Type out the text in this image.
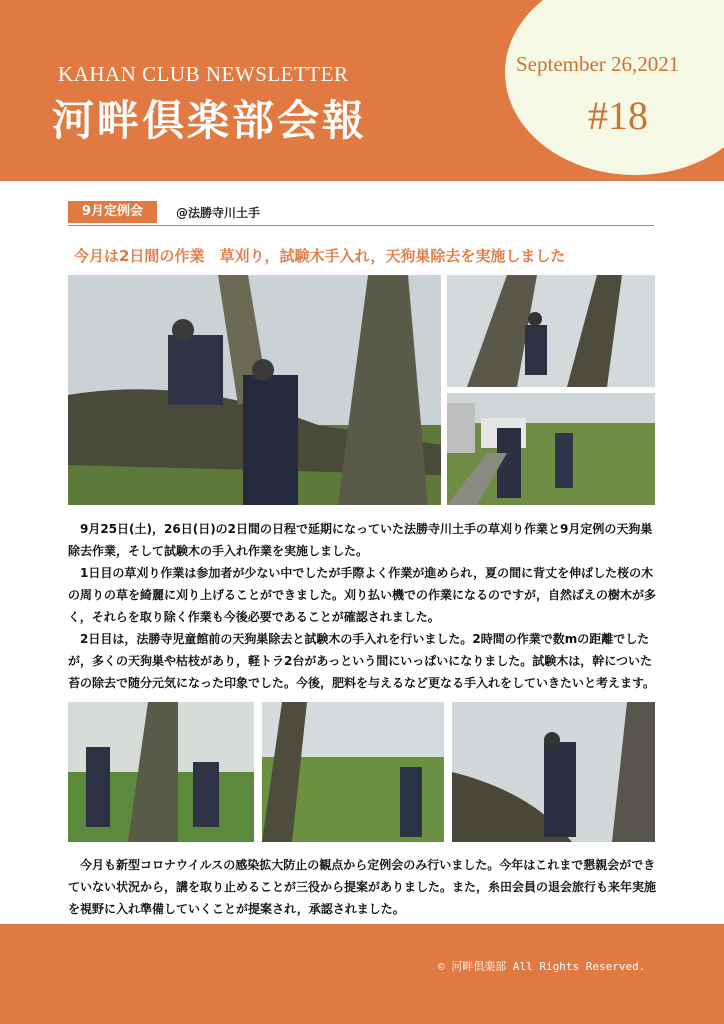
KAHAN CLUB NEWSLETTER
河畔倶楽部会報
September 26,2021
#18
9月定例会	@法勝寺川土手
今月は2日間の作業　草刈り，試験木手入れ，天狗巣除去を実施しました

9月25日(土)，26日(日)の2日間の日程で延期になっていた法勝寺川土手の草刈り作業と9月定例の天狗巣除去作業，そして試験木の手入れ作業を実施しました。

1日目の草刈り作業は参加者が少ない中でしたが手際よく作業が進められ，夏の間に背丈を伸ばした桜の木の周りの草を綺麗に刈り上げることができました。刈り払い機での作業になるのですが，自然ばえの樹木が多く，それらを取り除く作業も今後必要であることが確認されました。

2日目は，法勝寺児童館前の天狗巣除去と試験木の手入れを行いました。2時間の作業で数mの距離でしたが，多くの天狗巣や枯枝があり，軽トラ2台があっという間にいっぱいになりました。試験木は，幹についた苔の除去で随分元気になった印象でした。今後，肥料を与えるなど更なる手入れをしていきたいと考えます。

今月も新型コロナウイルスの感染拡大防止の観点から定例会のみ行いました。今年はこれまで懇親会ができていない状況から，講を取り止めることが三役から提案がありました。また，糸田会員の退会旅行も来年実施を視野に入れ準備していくことが提案され，承認されました。

© 河畔倶楽部 All Rights Reserved.
